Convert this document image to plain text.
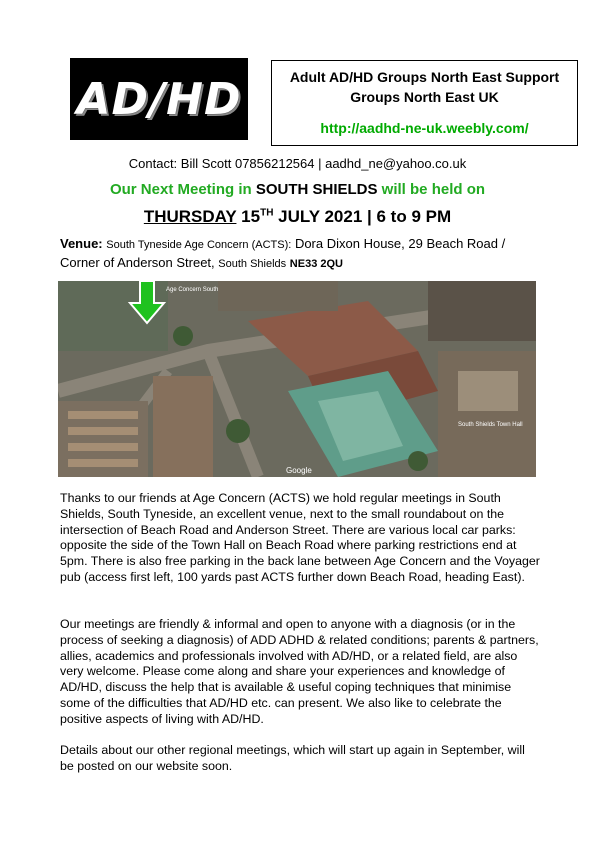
AD/HD	Adult AD/HD Groups North East Support
Groups North East UK
http://aadhd-ne-uk.weebly.com/
Contact: Bill Scott 07856212564 | aadhd_ne@yahoo.co.uk
Our Next Meeting in SOUTH SHIELDS will be held on
THURSDAY 15TH JULY 2021 | 6 to 9 PM
Venue: South Tyneside Age Concern (ACTS): Dora Dixon House, 29 Beach Road /
Corner of Anderson Street, South Shields NE33 2QU
Age Concern South
South Shields Town Hall
Google
Thanks to our friends at Age Concern (ACTS) we hold regular meetings in South Shields, South Tyneside, an excellent venue, next to the small roundabout on the intersection of Beach Road and Anderson Street. There are various local car parks: opposite the side of the Town Hall on Beach Road where parking restrictions end at 5pm. There is also free parking in the back lane between Age Concern and the Voyager pub (access first left, 100 yards past ACTS further down Beach Road, heading East).
Our meetings are friendly & informal and open to anyone with a diagnosis (or in the process of seeking a diagnosis) of ADD ADHD & related conditions; parents & partners, allies, academics and professionals involved with AD/HD, or a related field, are also very welcome. Please come along and share your experiences and knowledge of AD/HD, discuss the help that is available & useful coping techniques that minimise some of the difficulties that AD/HD etc. can present. We also like to celebrate the positive aspects of living with AD/HD.
Details about our other regional meetings, which will start up again in September, will be posted on our website soon.
